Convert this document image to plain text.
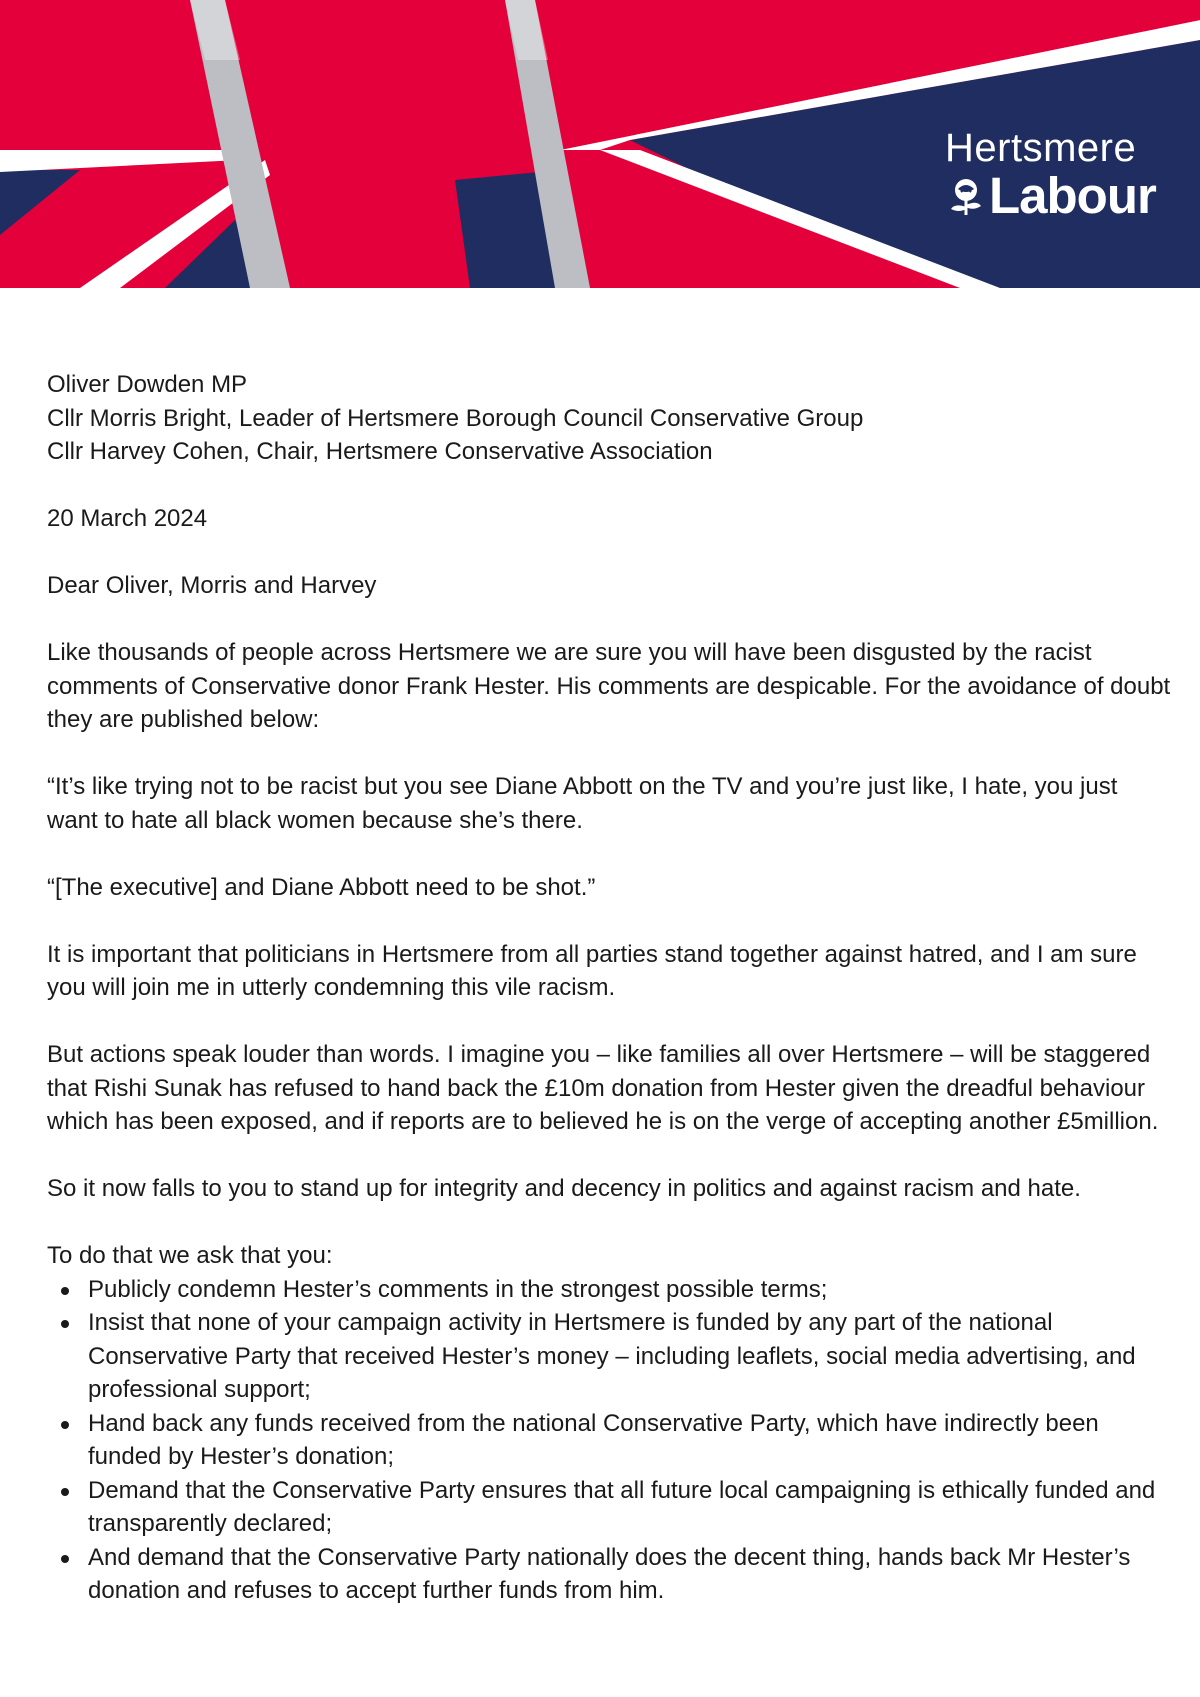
Hertsmere
Labour

Oliver Dowden MP

Cllr Morris Bright, Leader of Hertsmere Borough Council Conservative Group

Cllr Harvey Cohen, Chair, Hertsmere Conservative Association

20 March 2024

Dear Oliver, Morris and Harvey

Like thousands of people across Hertsmere we are sure you will have been disgusted by the racist comments of Conservative donor Frank Hester. His comments are despicable. For the avoidance of doubt they are published below:

“It’s like trying not to be racist but you see Diane Abbott on the TV and you’re just like, I hate, you just want to hate all black women because she’s there.

“[The executive] and Diane Abbott need to be shot.”

It is important that politicians in Hertsmere from all parties stand together against hatred, and I am sure you will join me in utterly condemning this vile racism.

But actions speak louder than words. I imagine you – like families all over Hertsmere – will be staggered that Rishi Sunak has refused to hand back the £10m donation from Hester given the dreadful behaviour which has been exposed, and if reports are to believed he is on the verge of accepting another £5million.

So it now falls to you to stand up for integrity and decency in politics and against racism and hate.

To do that we ask that you:

Publicly condemn Hester’s comments in the strongest possible terms;
Insist that none of your campaign activity in Hertsmere is funded by any part of the national Conservative Party that received Hester’s money – including leaflets, social media advertising, and professional support;
Hand back any funds received from the national Conservative Party, which have indirectly been funded by Hester’s donation;
Demand that the Conservative Party ensures that all future local campaigning is ethically funded and transparently declared;
And demand that the Conservative Party nationally does the decent thing, hands back Mr Hester’s donation and refuses to accept further funds from him.
